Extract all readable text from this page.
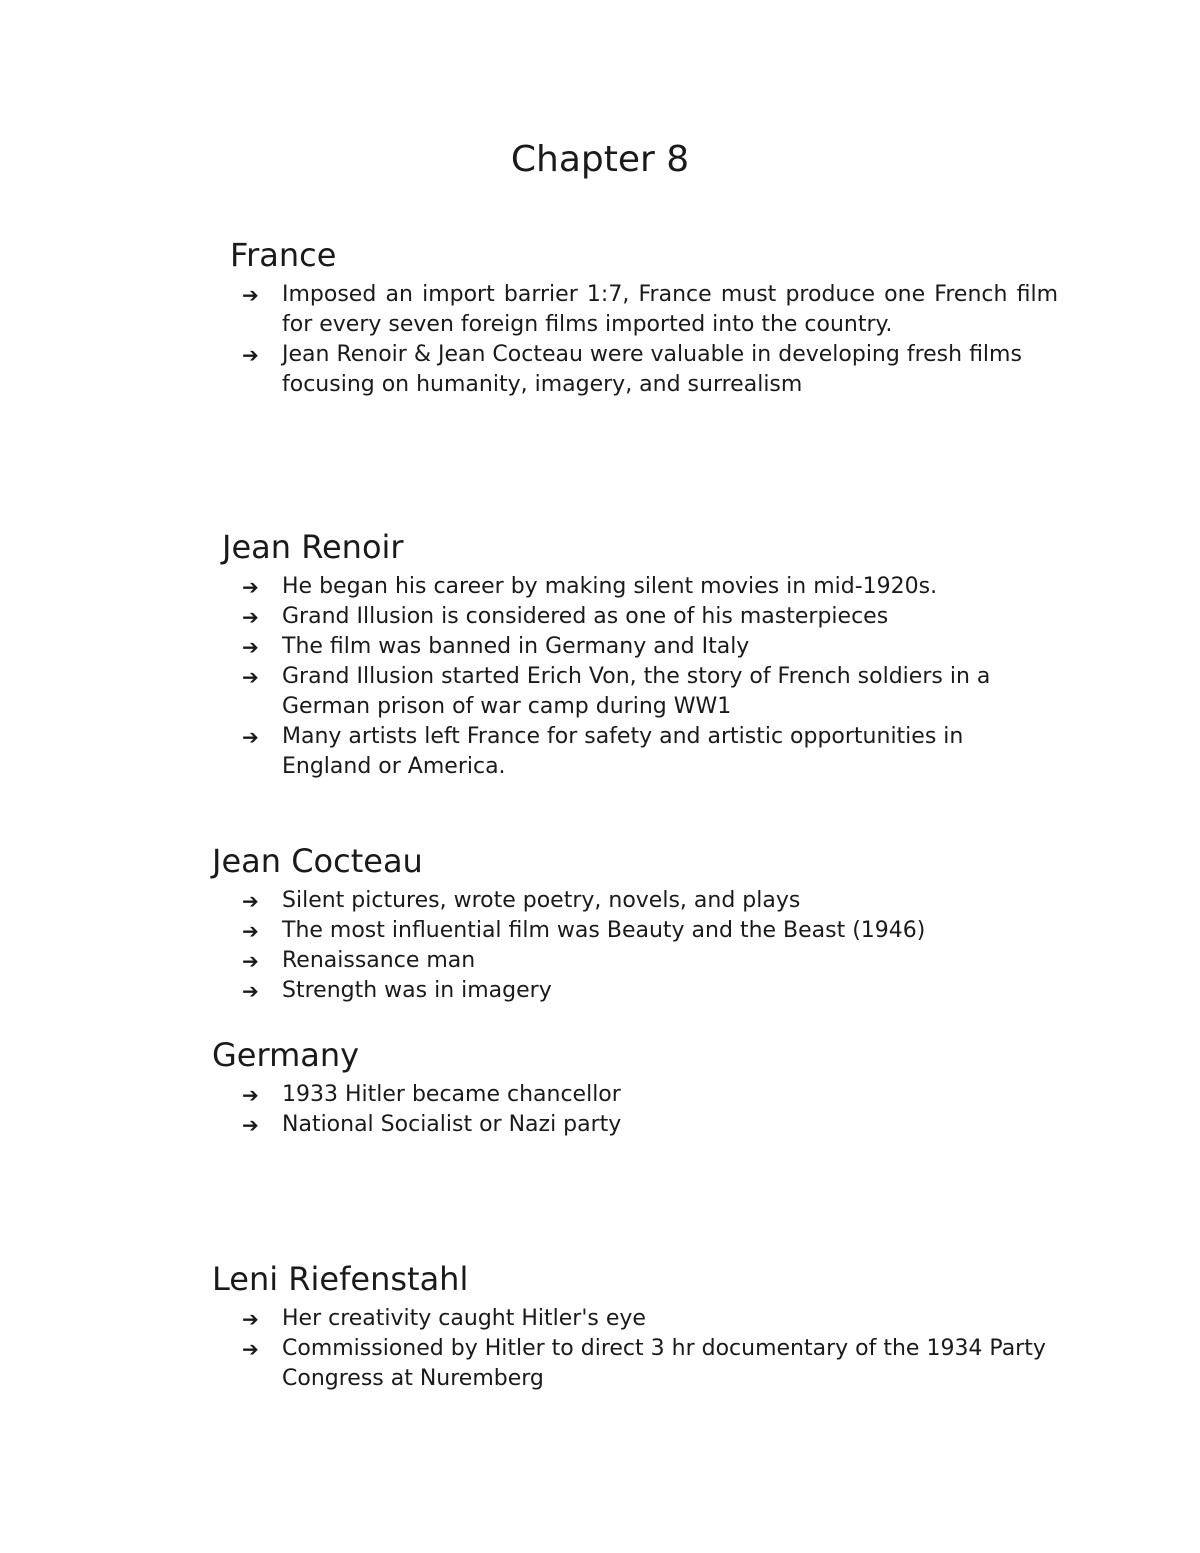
Chapter 8
France
➔ Imposed an import barrier 1:7, France must produce one French film for every seven foreign films imported into the country.
➔ Jean Renoir & Jean Cocteau were valuable in developing fresh films focusing on humanity, imagery, and surrealism
Jean Renoir
➔ He began his career by making silent movies in mid-1920s.
➔ Grand Illusion is considered as one of his masterpieces
➔ The film was banned in Germany and Italy
➔ Grand Illusion started Erich Von, the story of French soldiers in a German prison of war camp during WW1
➔ Many artists left France for safety and artistic opportunities in England or America.
Jean Cocteau
➔ Silent pictures, wrote poetry, novels, and plays
➔ The most influential film was Beauty and the Beast (1946)
➔ Renaissance man
➔ Strength was in imagery
Germany
➔ 1933 Hitler became chancellor
➔ National Socialist or Nazi party
Leni Riefenstahl
➔ Her creativity caught Hitler's eye
➔ Commissioned by Hitler to direct 3 hr documentary of the 1934 Party Congress at Nuremberg
